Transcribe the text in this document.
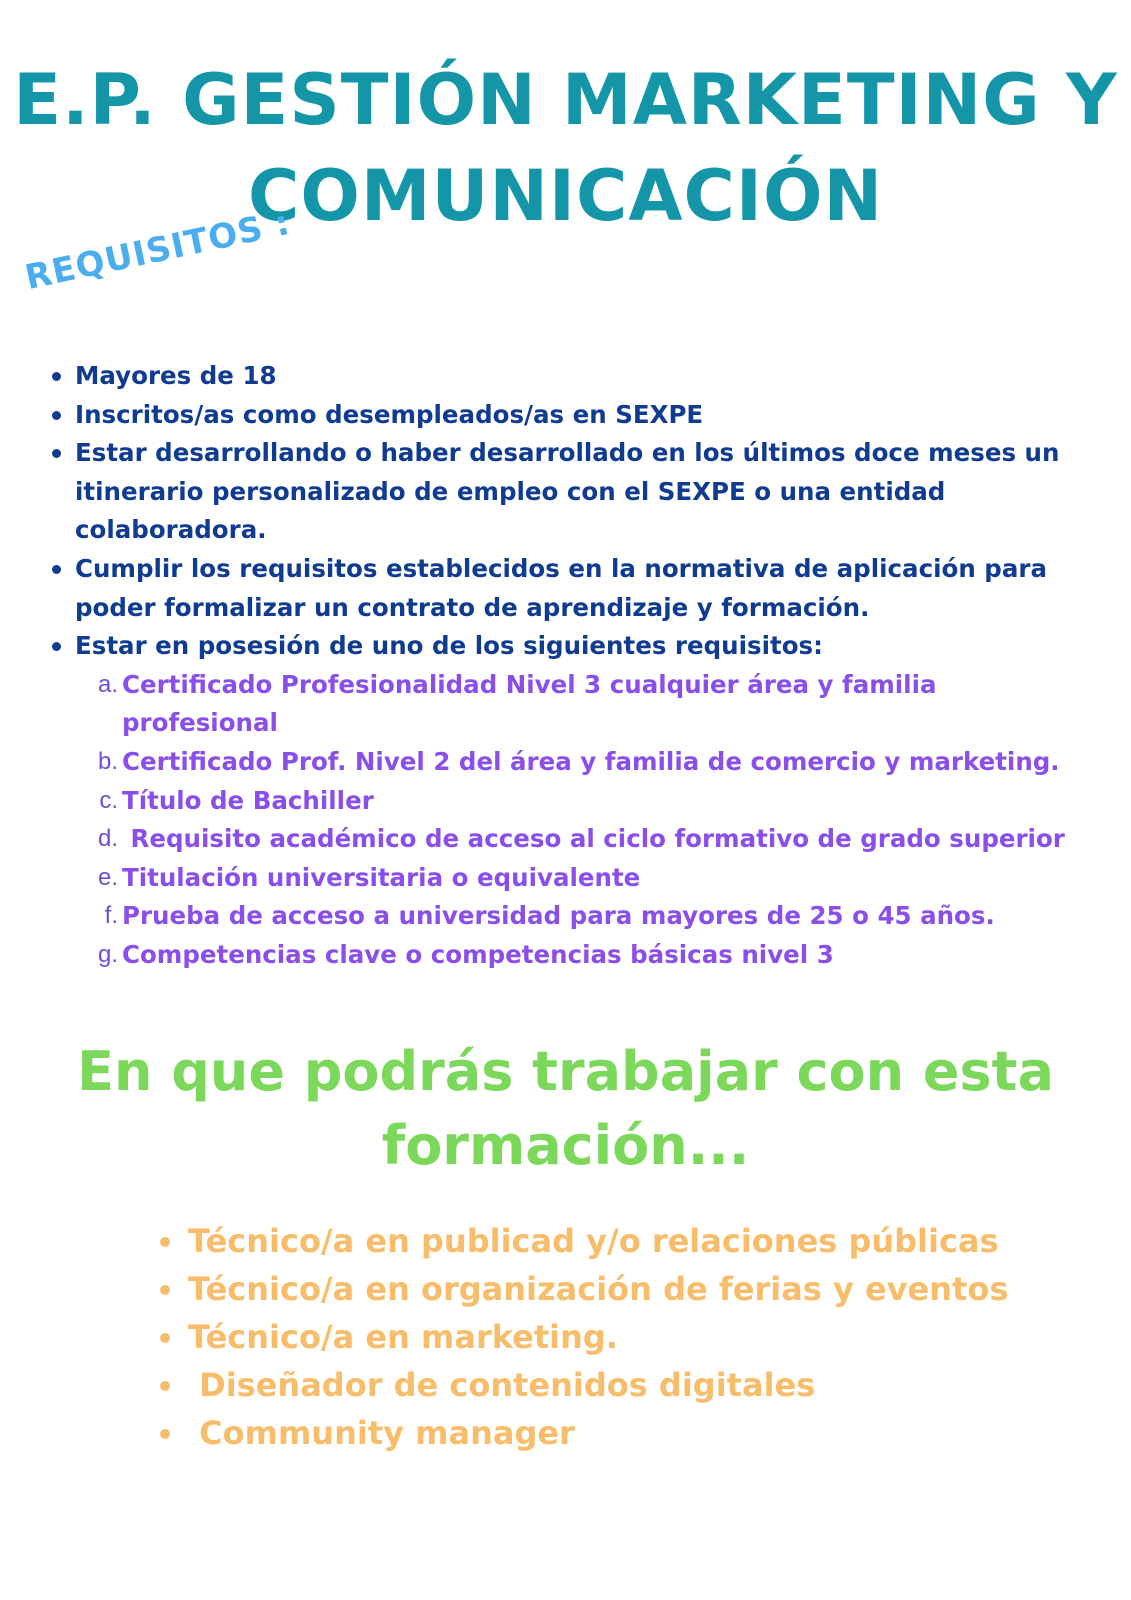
E.P. GESTIÓN MARKETING Y
COMUNICACIÓN
REQUISITOS :
Mayores de 18
Inscritos/as como desempleados/as en SEXPE
Estar desarrollando o haber desarrollado en los últimos doce meses un itinerario personalizado de empleo con el SEXPE o una entidad colaboradora.
Cumplir los requisitos establecidos en la normativa de aplicación para poder formalizar un contrato de aprendizaje y formación.
Estar en posesión de uno de los siguientes requisitos:
a. Certificado Profesionalidad Nivel 3 cualquier área y familia profesional
b. Certificado Prof. Nivel 2 del área y familia de comercio y marketing.
c. Título de Bachiller
d. Requisito académico de acceso al ciclo formativo de grado superior
e. Titulación universitaria o equivalente
f. Prueba de acceso a universidad para mayores de 25 o 45 años.
g. Competencias clave o competencias básicas nivel 3
En que podrás trabajar con esta
formación...
Técnico/a en publicad y/o relaciones públicas
Técnico/a en organización de ferias y eventos
Técnico/a en marketing.
Diseñador de contenidos digitales
Community manager
